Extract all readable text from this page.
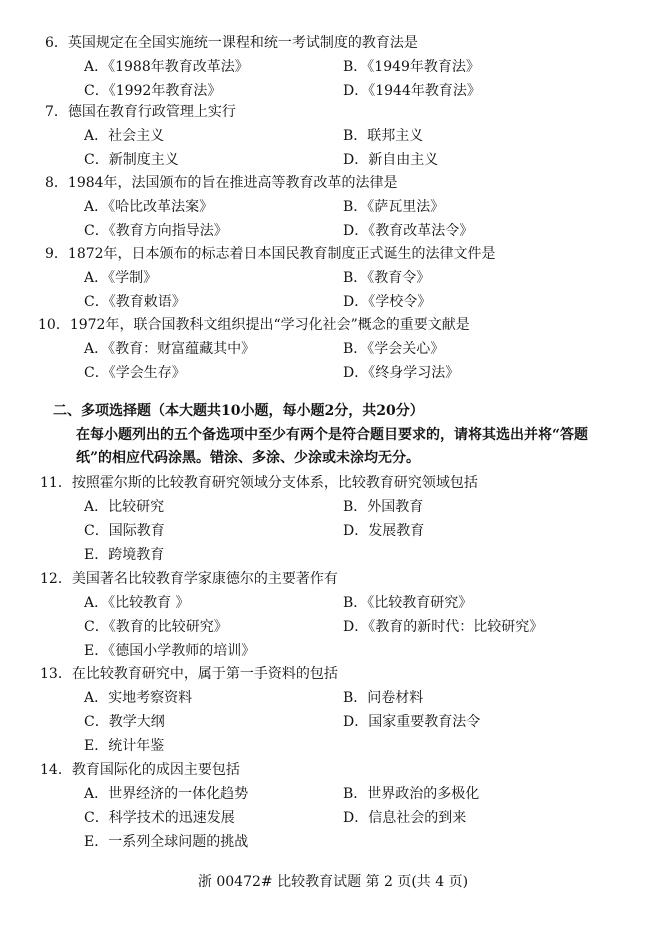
6．英国规定在全国实施统一课程和统一考试制度的教育法是
A．《1988年教育改革法》	B．《1949年教育法》
C．《1992年教育法》	D．《1944年教育法》
7．德国在教育行政管理上实行
A．社会主义	B．联邦主义
C．新制度主义	D．新自由主义
8．1984年，法国颁布的旨在推进高等教育改革的法律是
A．《哈比改革法案》	B．《萨瓦里法》
C．《教育方向指导法》	D．《教育改革法令》
9．1872年，日本颁布的标志着日本国民教育制度正式诞生的法律文件是
A．《学制》	B．《教育令》
C．《教育敕语》	D．《学校令》
10．1972年，联合国教科文组织提出“学习化社会”概念的重要文献是
A．《教育：财富蕴藏其中》	B．《学会关心》
C．《学会生存》	D．《终身学习法》
二、多项选择题（本大题共10小题，每小题2分，共20分）
在每小题列出的五个备选项中至少有两个是符合题目要求的，请将其选出并将“答题
纸”的相应代码涂黑。错涂、多涂、少涂或未涂均无分。
11．按照霍尔斯的比较教育研究领域分支体系，比较教育研究领域包括
A．比较研究	B．外国教育
C．国际教育	D．发展教育
E．跨境教育
12．美国著名比较教育学家康德尔的主要著作有
A．《比较教育 》	B．《比较教育研究》
C．《教育的比较研究》	D．《教育的新时代：比较研究》
E．《德国小学教师的培训》
13．在比较教育研究中，属于第一手资料的包括
A．实地考察资料	B．问卷材料
C．教学大纲	D．国家重要教育法令
E．统计年鉴
14．教育国际化的成因主要包括
A．世界经济的一体化趋势	B．世界政治的多极化
C．科学技术的迅速发展	D．信息社会的到来
E．一系列全球问题的挑战
浙 00472# 比较教育试题 第 2 页(共 4 页)
